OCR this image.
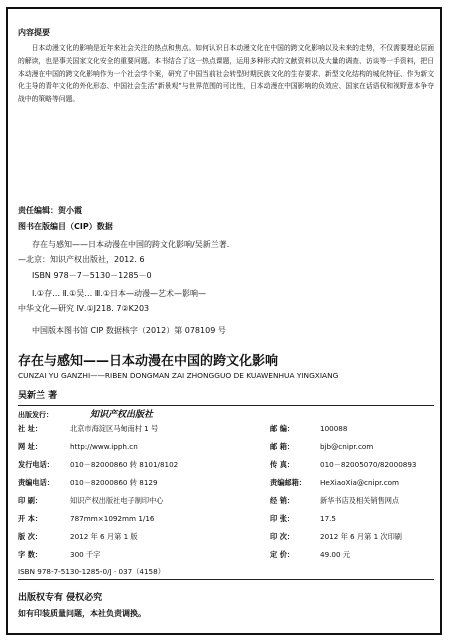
内容提要
日本动漫文化的影响是近年来社会关注的热点和焦点。如何认识日本动漫文化在中国的跨文化影响以及未来的走势，不仅需要理论层面的解读，也是事关国家文化安全的重要问题。本书结合了这一热点课题，运用多种形式的文献资料以及大量的调查、访谈等一手资料，把日本动漫在中国的跨文化影响作为一个社会学个案，研究了中国当前社会转型时期民族文化的生存要求、新型文化结构的城化特征、作为新文化主导的青年文化的外化形态、中国社会生活“新景观”与世界范围的可比性，日本动漫在中国影响的负效应、国家在话语权和视野意本争夺战中的策略等问题。
责任编辑：贺小霞
图书在版编目（CIP）数据
存在与感知——日本动漫在中国的跨文化影响/吴新兰著.
—北京：知识产权出版社，2012. 6
ISBN 978－7－5130－1285－0
Ⅰ.①存… Ⅱ.①吴… Ⅲ.①日本—动漫—艺术—影响—
中华文化—研究 Ⅳ.①J218. 7②K203
中国版本图书馆 CIP 数据核字（2012）第 078109 号
存在与感知——日本动漫在中国的跨文化影响
CUNZAI YU GANZHI——RIBEN DONGMAN ZAI ZHONGGUO DE KUAWENHUA YINGXIANG
吴新兰 著
出版发行：	知识产权出版社
社 址：	北京市海淀区马甸南村 1 号	邮 编：	100088
网 址：	http://www.ipph.cn	邮 箱：	bjb@cnipr.com
发行电话： 010－82000860 转 8101/8102	传 真：	010－82005070/82000893
责编电话： 010－82000860 转 8129	责编邮箱： HeXiaoXia@cnipr.com
印 刷：	知识产权出版社电子制印中心	经 销：	新华书店及相关销售网点
开 本：	787mm×1092mm 1/16	印 张：	17.5
版 次：	2012 年 6 月第 1 版	印 次：	2012 年 6 月第 1 次印刷
字 数：	300 千字	定 价：	49.00 元
ISBN 978-7-5130-1285-0/J · 037（4158）
出版权专有 侵权必究
如有印装质量问题，本社负责调换。
